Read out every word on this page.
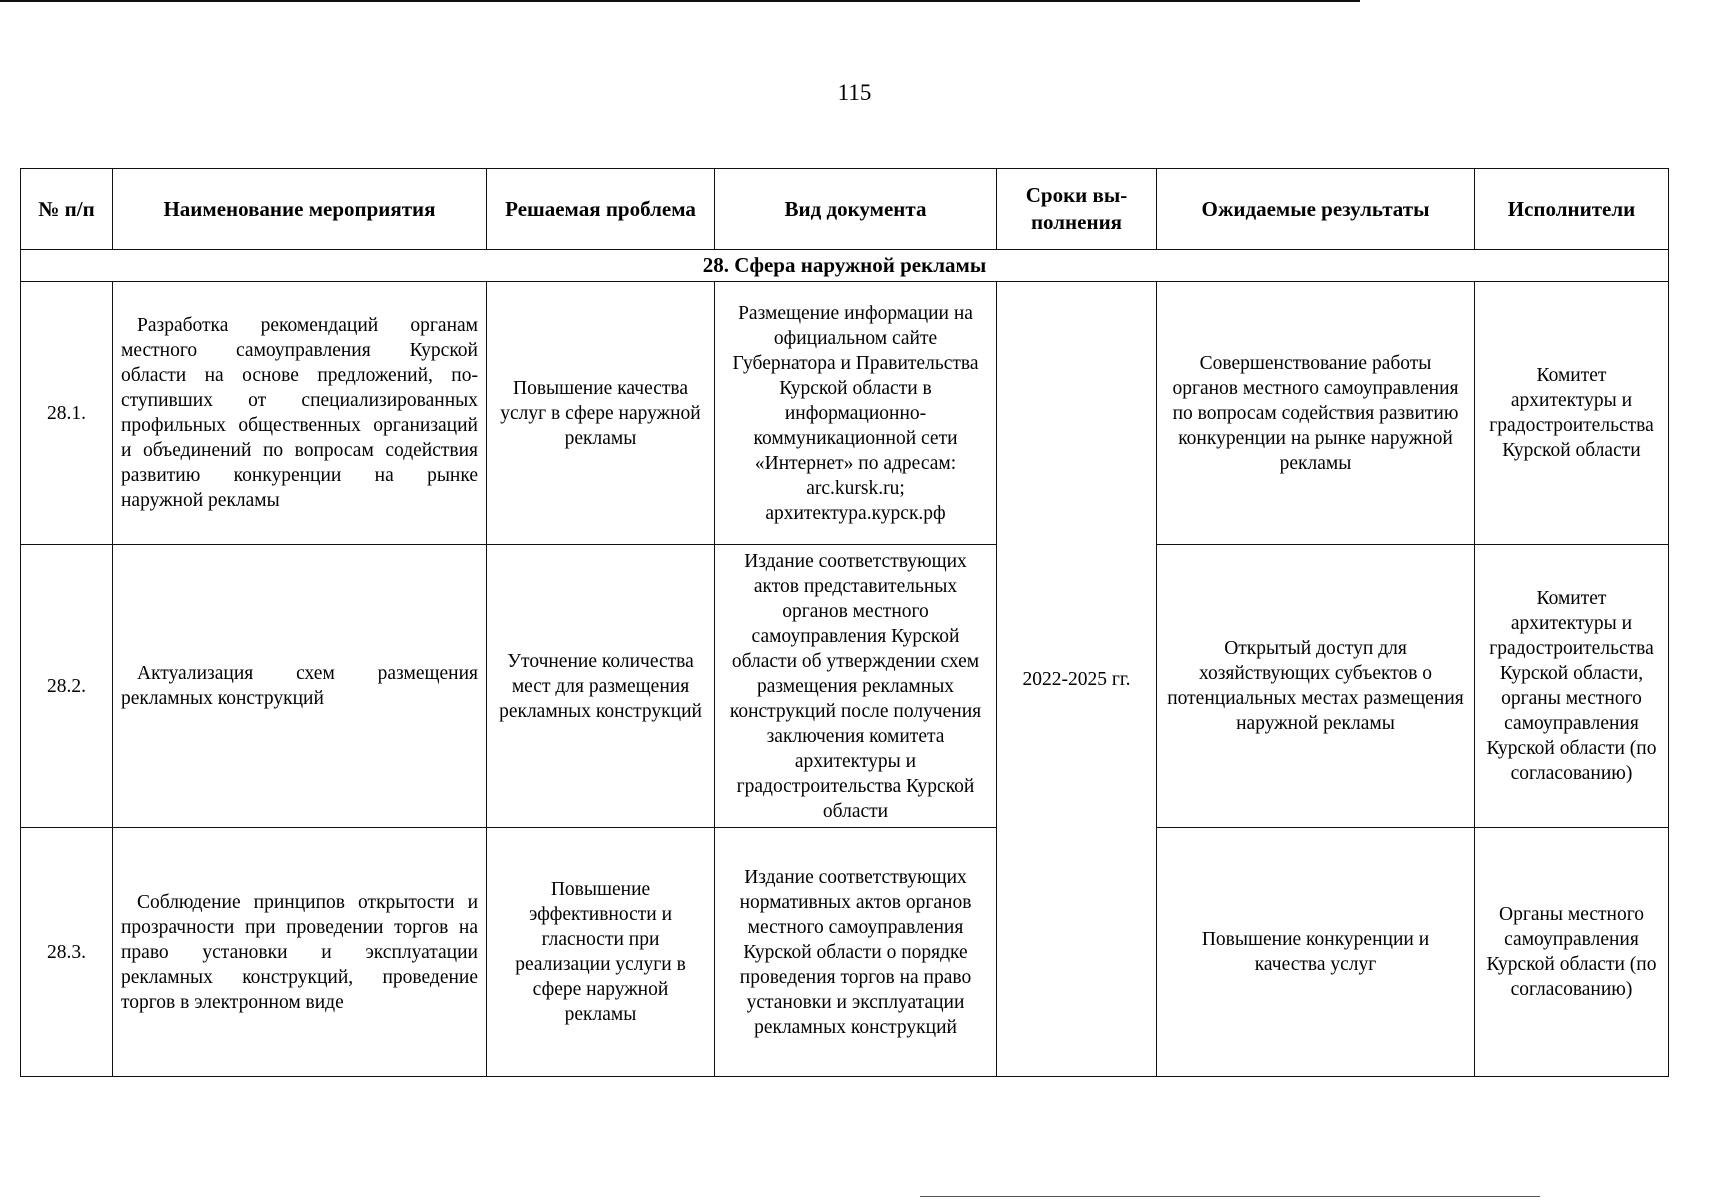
115
№ п/п	Наименование мероприятия	Решаемая проблема	Вид документа	Сроки вы-полнения	Ожидаемые результаты	Исполнители
28. Сфера наружной рекламы						
28.1.	Разработка рекомендаций органам местного самоуправления Курской области на основе предложений, по-ступивших от специализированных профильных общественных организаций и объединений по вопросам содействия развитию конкуренции на рынке наружной рекламы	Повышение качества услуг в сфере наружной рекламы	Размещение информации на официальном сайте Губернатора и Правительства Курской области в информационно-коммуникационной сети «Интернет» по адресам: arc.kursk.ru; архитектура.курск.рф	2022-2025 гг.	Совершенствование работы органов местного самоуправления по вопросам содействия развитию конкуренции на рынке наружной рекламы	Комитет архитектуры и градостроительства Курской области
28.2.	Актуализация схем размещения рекламных конструкций	Уточнение количества мест для размещения рекламных конструкций	Издание соответствующих актов представительных органов местного самоуправления Курской области об утверждении схем размещения рекламных конструкций после получения заключения комитета архитектуры и градостроительства Курской области		Открытый доступ для хозяйствующих субъектов о потенциальных местах размещения наружной рекламы	Комитет архитектуры и градостроительства Курской области, органы местного самоуправления Курской области (по согласованию)
28.3.	Соблюдение принципов открытости и прозрачности при проведении торгов на право установки и эксплуатации рекламных конструкций, проведение торгов в электронном виде	Повышение эффективности и гласности при реализации услуги в сфере наружной рекламы	Издание соответствующих нормативных актов органов местного самоуправления Курской области о порядке проведения торгов на право установки и эксплуатации рекламных конструкций		Повышение конкуренции и качества услуг	Органы местного самоуправления Курской области (по согласованию)
